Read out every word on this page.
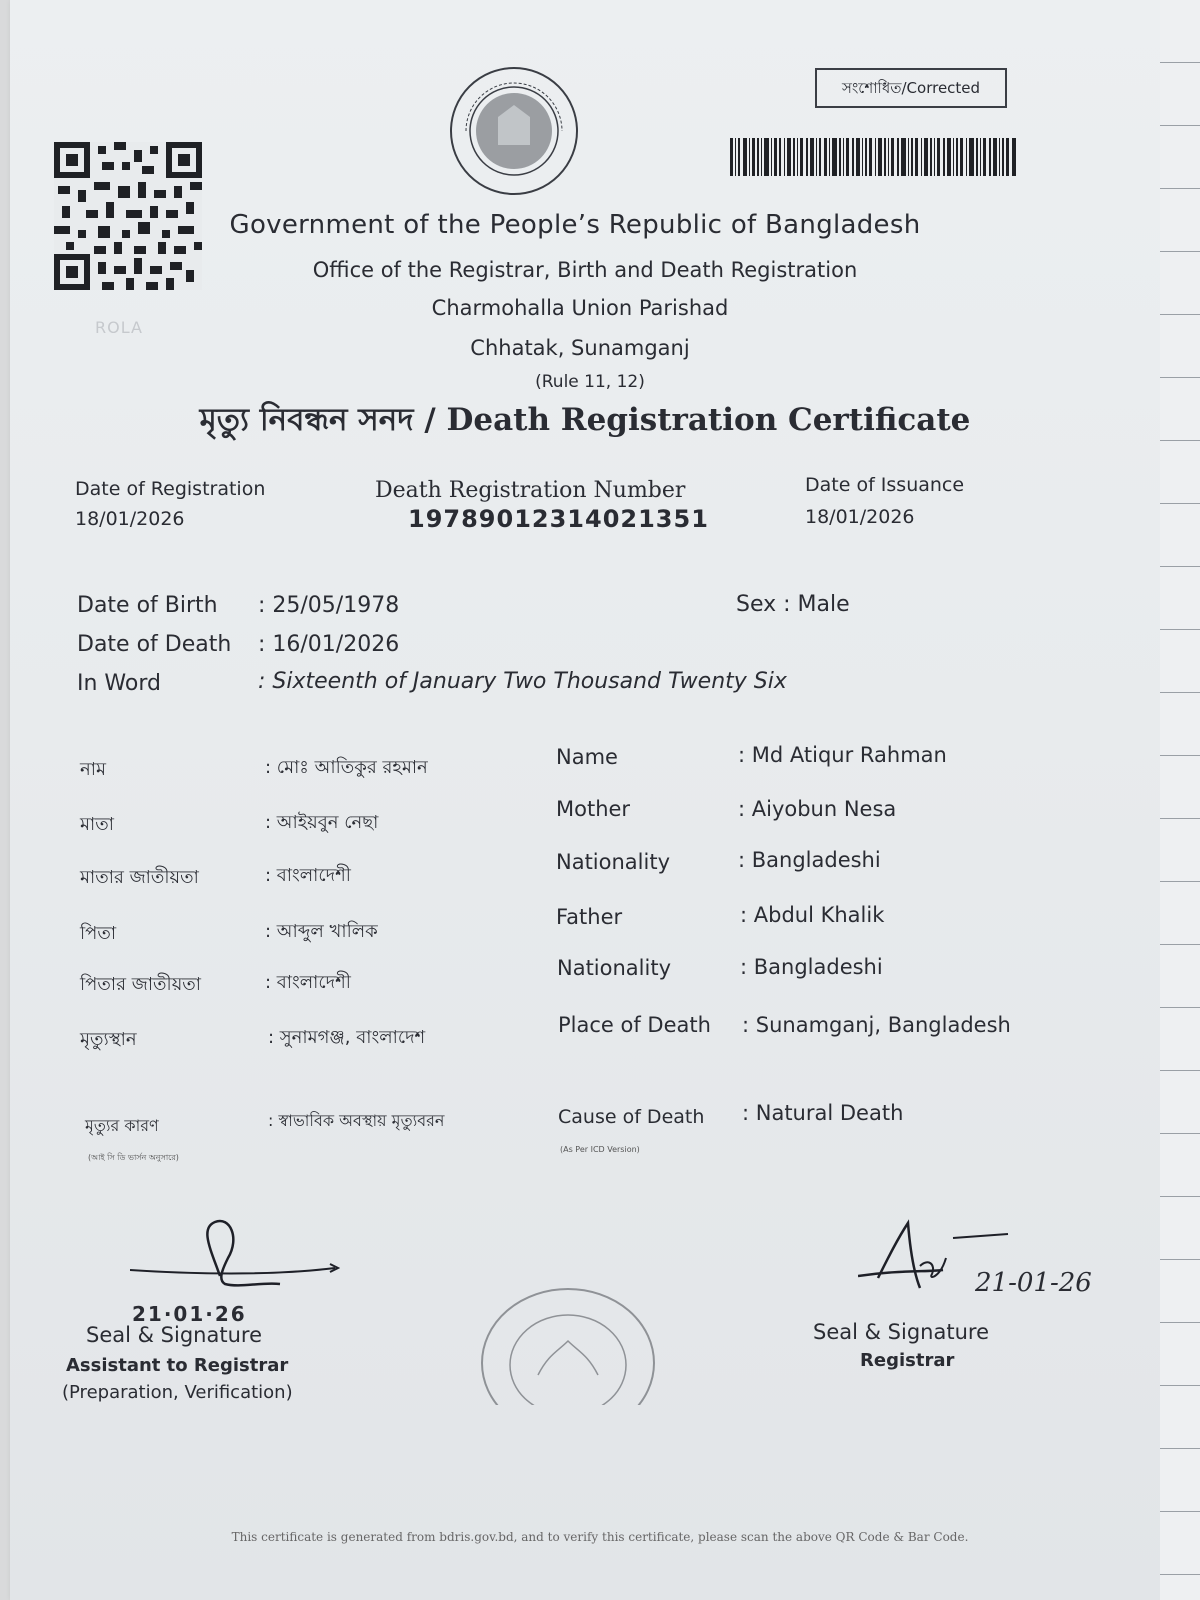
ROLA
সংশোধিত/Corrected
Government of the People’s Republic of Bangladesh
Office of the Registrar, Birth and Death Registration
Charmohalla Union Parishad
Chhatak, Sunamganj
(Rule 11, 12)
মৃত্যু নিবন্ধন সনদ / Death Registration Certificate
Date of Registration
18/01/2026
Death Registration Number
19789012314021351
Date of Issuance
18/01/2026
Date of Birth : 25/05/1978
Date of Death : 16/01/2026
In Word	: Sixteenth of January Two Thousand Twenty Six
Sex : Male
নাম	: মোঃ আতিকুর রহমান
মাতা	: আইয়বুন নেছা
মাতার জাতীয়তা	: বাংলাদেশী
পিতা	: আব্দুল খালিক
পিতার জাতীয়তা	: বাংলাদেশী
মৃত্যুস্থান	: সুনামগঞ্জ, বাংলাদেশ
মৃত্যুর কারণ	: স্বাভাবিক অবস্থায় মৃত্যুবরন
(আই সি ডি ভার্সন অনুসারে)
Name	: Md Atiqur Rahman
Mother	: Aiyobun Nesa
Nationality	: Bangladeshi
Father	: Abdul Khalik
Nationality	: Bangladeshi
Place of Death : Sunamganj, Bangladesh
Cause of Death : Natural Death
(As Per ICD Version)
21·01·26
Seal & Signature
Assistant to Registrar
(Preparation, Verification)
21-01-26
Seal & Signature
Registrar
This certificate is generated from bdris.gov.bd, and to verify this certificate, please scan the above QR Code & Bar Code.
